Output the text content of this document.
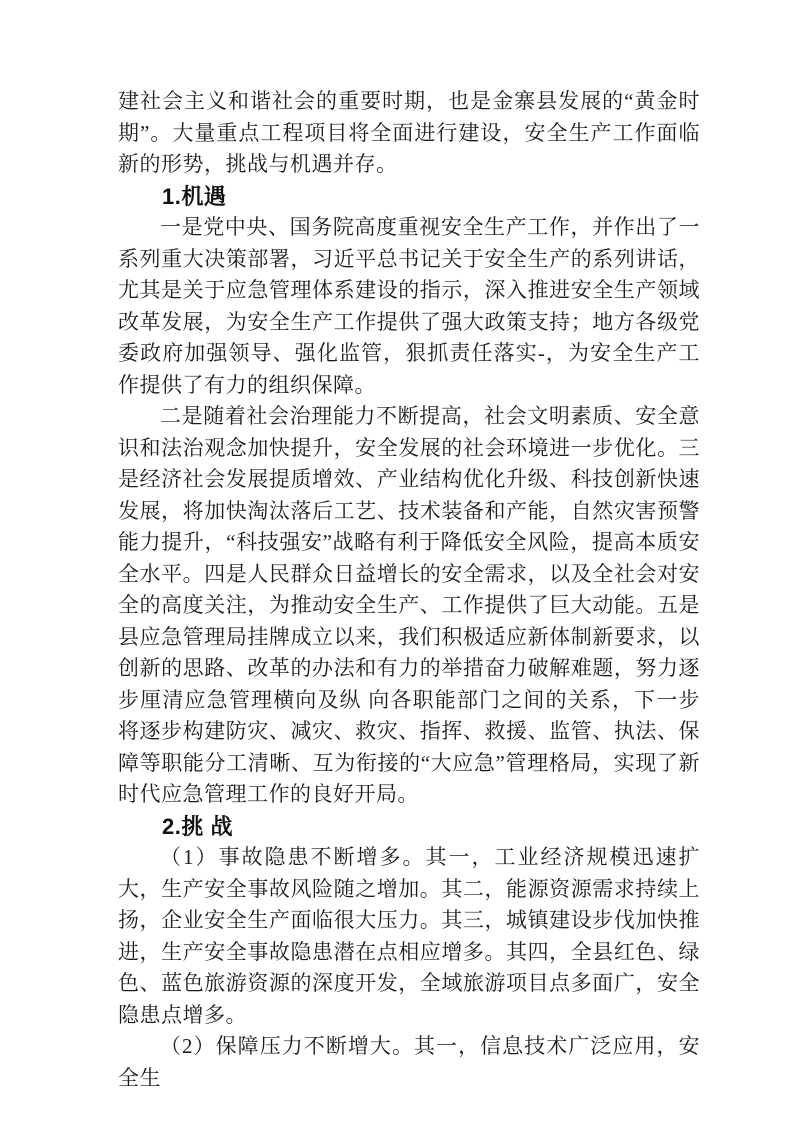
建社会主义和谐社会的重要时期，也是金寨县发展的“黄金时期”。大量重点工程项目将全面进行建设，安全生产工作面临新的形势，挑战与机遇并存。

1.机遇

一是党中央、国务院高度重视安全生产工作，并作出了一系列重大决策部署，习近平总书记关于安全生产的系列讲话，尤其是关于应急管理体系建设的指示，深入推进安全生产领域改革发展，为安全生产工作提供了强大政策支持；地方各级党委政府加强领导、强化监管，狠抓责任落实-，为安全生产工作提供了有力的组织保障。

二是随着社会治理能力不断提高，社会文明素质、安全意识和法治观念加快提升，安全发展的社会环境进一步优化。三是经济社会发展提质增效、产业结构优化升级、科技创新快速发展，将加快淘汰落后工艺、技术装备和产能，自然灾害预警能力提升，“科技强安”战略有利于降低安全风险，提高本质安全水平。四是人民群众日益增长的安全需求，以及全社会对安全的高度关注，为推动安全生产、工作提供了巨大动能。五是县应急管理局挂牌成立以来，我们积极适应新体制新要求，以创新的思路、改革的办法和有力的举措奋力破解难题，努力逐步厘清应急管理横向及纵 向各职能部门之间的关系，下一步将逐步构建防灾、减灾、救灾、指挥、救援、监管、执法、保障等职能分工清晰、互为衔接的“大应急”管理格局，实现了新时代应急管理工作的良好开局。

2.挑 战

（1）事故隐患不断增多。其一，工业经济规模迅速扩大，生产安全事故风险随之增加。其二，能源资源需求持续上扬，企业安全生产面临很大压力。其三，城镇建设步伐加快推进，生产安全事故隐患潜在点相应增多。其四，全县红色、绿色、蓝色旅游资源的深度开发，全域旅游项目点多面广，安全隐患点增多。

（2）保障压力不断增大。其一，信息技术广泛应用，安全生
